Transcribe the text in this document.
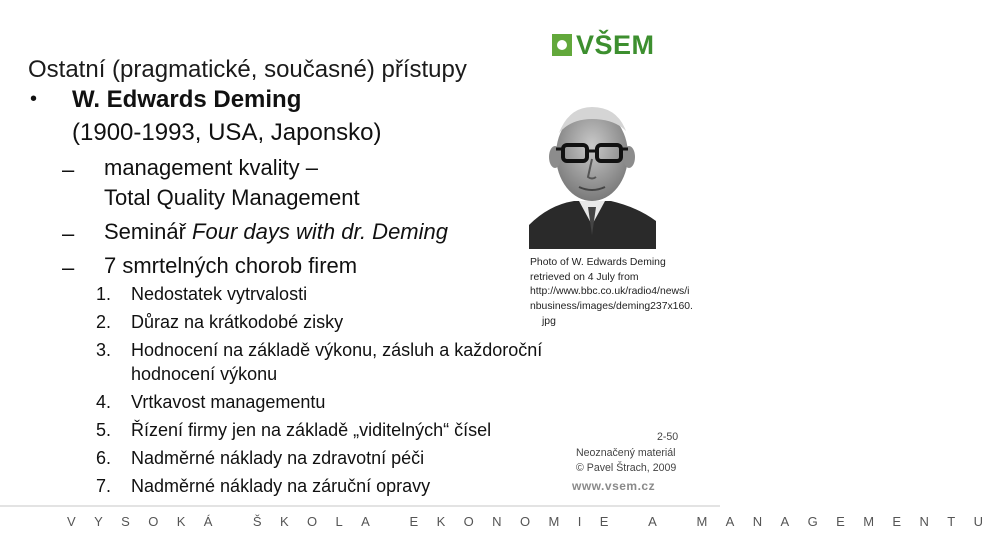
VŠEM
Ostatní (pragmatické, současné) přístupy
• W. Edwards Deming
(1900-1993, USA, Japonsko)
– management kvality –
Total Quality Management
– Seminář Four days with dr. Deming
– 7 smrtelných chorob firem
1. Nedostatek vytrvalosti
2. Důraz na krátkodobé zisky
3. Hodnocení na základě výkonu, zásluh a každoroční
hodnocení výkonu
4. Vrtkavost managementu
5. Řízení firmy jen na základě „viditelných“ čísel
6. Nadměrné náklady na zdravotní péči
7. Nadměrné náklady na záruční opravy
Photo of W. Edwards Deming
retrieved on 4 July from
http://www.bbc.co.uk/radio4/news/i
nbusiness/images/deming237x160.
jpg
2-50
Neoznačený materiál
© Pavel Štrach, 2009
www.vsem.cz
VYSOKÁ ŠKOLA EKONOMIE A MANAGEMENTU
